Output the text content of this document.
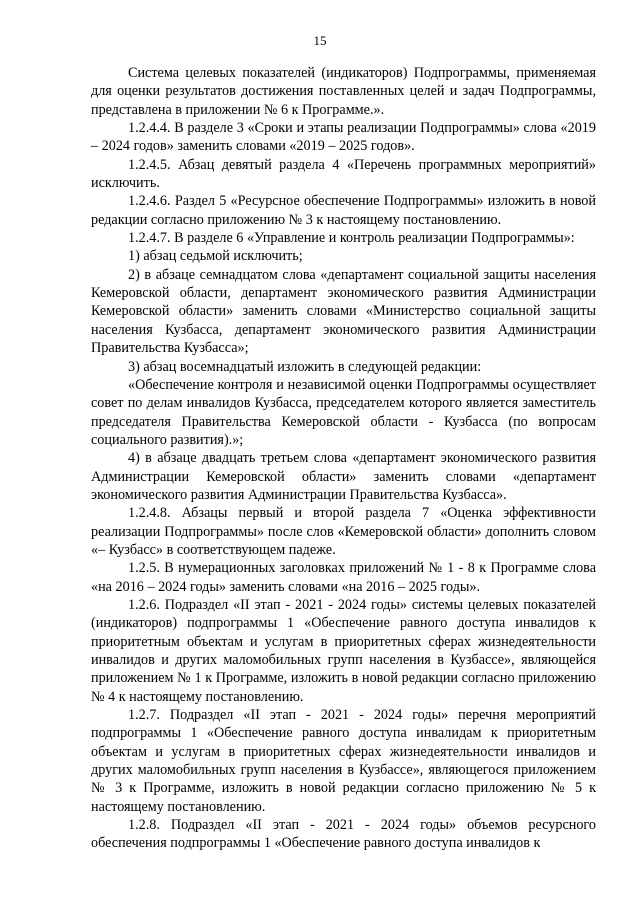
15

Система целевых показателей (индикаторов) Подпрограммы, применяемая для оценки результатов достижения поставленных целей и задач Подпрограммы, представлена в приложении № 6 к Программе.».

1.2.4.4. В разделе 3 «Сроки и этапы реализации Подпрограммы» слова «2019 – 2024 годов» заменить словами «2019 – 2025 годов».

1.2.4.5. Абзац девятый раздела 4 «Перечень программных мероприятий» исключить.

1.2.4.6. Раздел 5 «Ресурсное обеспечение Подпрограммы» изложить в новой редакции согласно приложению № 3 к настоящему постановлению.

1.2.4.7. В разделе 6 «Управление и контроль реализации Подпрограммы»:

1) абзац седьмой исключить;

2) в абзаце семнадцатом слова «департамент социальной защиты населения Кемеровской области, департамент экономического развития Администрации Кемеровской области» заменить словами «Министерство социальной защиты населения Кузбасса, департамент экономического развития Администрации Правительства Кузбасса»;

3) абзац восемнадцатый изложить в следующей редакции:

«Обеспечение контроля и независимой оценки Подпрограммы осуществляет совет по делам инвалидов Кузбасса, председателем которого является заместитель председателя Правительства Кемеровской области - Кузбасса (по вопросам социального развития).»;

4) в абзаце двадцать третьем слова «департамент экономического развития Администрации Кемеровской области» заменить словами «департамент экономического развития Администрации Правительства Кузбасса».

1.2.4.8. Абзацы первый и второй раздела 7 «Оценка эффективности реализации Подпрограммы» после слов «Кемеровской области» дополнить словом «– Кузбасс» в соответствующем падеже.

1.2.5. В нумерационных заголовках приложений № 1 - 8 к Программе слова «на 2016 – 2024 годы» заменить словами «на 2016 – 2025 годы».

1.2.6. Подраздел «II этап - 2021 - 2024 годы» системы целевых показателей (индикаторов) подпрограммы 1 «Обеспечение равного доступа инвалидов к приоритетным объектам и услугам в приоритетных сферах жизнедеятельности инвалидов и других маломобильных групп населения в Кузбассе», являющейся приложением № 1 к Программе, изложить в новой редакции согласно приложению № 4 к настоящему постановлению.

1.2.7. Подраздел «II этап - 2021 - 2024 годы» перечня мероприятий подпрограммы 1 «Обеспечение равного доступа инвалидам к приоритетным объектам и услугам в приоритетных сферах жизнедеятельности инвалидов и других маломобильных групп населения в Кузбассе», являющегося приложением № 3 к Программе, изложить в новой редакции согласно приложению № 5 к настоящему постановлению.

1.2.8. Подраздел «II этап - 2021 - 2024 годы» объемов ресурсного обеспечения подпрограммы 1 «Обеспечение равного доступа инвалидов к
